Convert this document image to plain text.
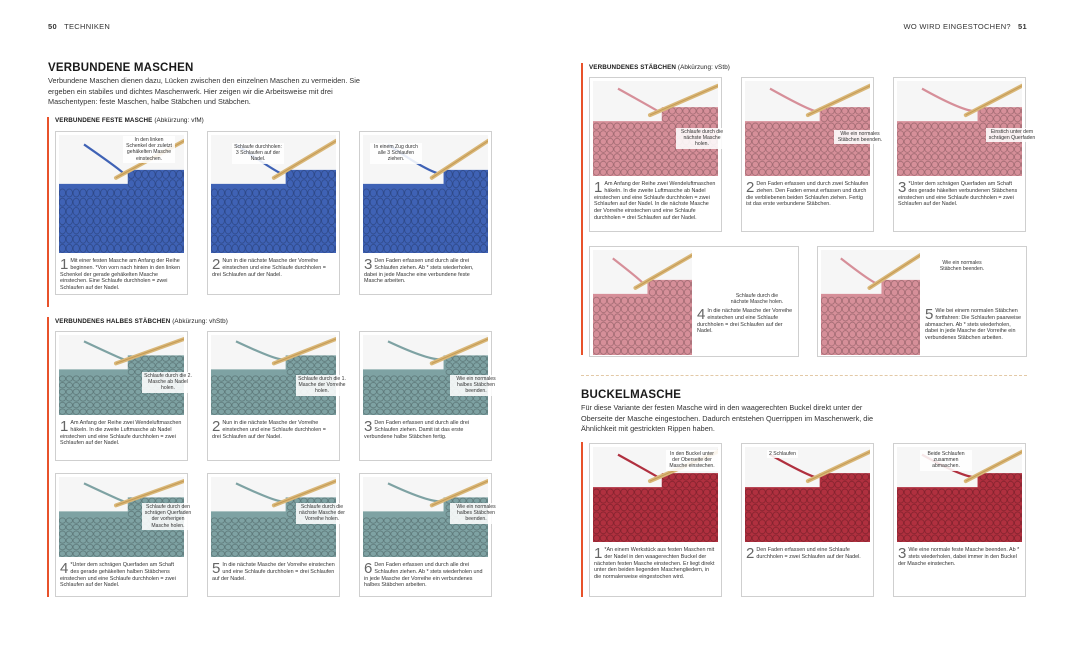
50 TECHNIKEN	WO WIRD EINGESTOCHEN? 51
VERBUNDENE MASCHEN
Verbundene Maschen dienen dazu, Lücken zwischen den einzelnen Maschen zu vermeiden. Sie ergeben ein stabiles und dichtes Maschenwerk. Hier zeigen wir die Arbeitsweise mit drei Maschentypen: feste Maschen, halbe Stäbchen und Stäbchen.
VERBUNDENE FESTE MASCHE (Abkürzung: vfM)
1 Mit einer festen Masche am Anfang der Reihe beginnen. *Von vorn nach hinten in den linken Schenkel der gerade gehäkelten Masche einstechen. Eine Schlaufe durchholen = zwei Schlaufen auf der Nadel.
In den linken Schenkel der zuletzt gehäkelten Masche einstechen.
2 Nun in die nächste Masche der Vorreihe einstechen und eine Schlaufe durchholen = drei Schlaufen auf der Nadel.
Schlaufe durchholen: 3 Schlaufen auf der Nadel.
3 Den Faden erfassen und durch alle drei Schlaufen ziehen. Ab * stets wiederholen, dabei in jede Masche eine verbundene feste Masche arbeiten.
In einem Zug durch alle 3 Schlaufen ziehen.
VERBUNDENES HALBES STÄBCHEN (Abkürzung: vhStb)
1 Am Anfang der Reihe zwei Wendeluftmaschen häkeln. In die zweite Luftmasche ab Nadel einstechen und eine Schlaufe durchholen = zwei Schlaufen auf der Nadel.
Schlaufe durch die 2. Masche ab Nadel holen.
2 Nun in die nächste Masche der Vorreihe einstechen und eine Schlaufe durchholen = drei Schlaufen auf der Nadel.
Schlaufe durch die 1. Masche der Vorreihe holen.
3 Den Faden erfassen und durch alle drei Schlaufen ziehen. Damit ist das erste verbundene halbe Stäbchen fertig.
Wie ein normales halbes Stäbchen beenden.
4 *Unter dem schrägen Querfaden am Schaft des gerade gehäkelten halben Stäbchens einstechen und eine Schlaufe durchholen = zwei Schlaufen auf der Nadel.
Schlaufe durch den schrägen Querfaden der vorherigen Masche holen.
5 In die nächste Masche der Vorreihe einstechen und eine Schlaufe durchholen = drei Schlaufen auf der Nadel.
Schlaufe durch die nächste Masche der Vorreihe holen.
6 Den Faden erfassen und durch alle drei Schlaufen ziehen. Ab * stets wiederholen und in jede Masche der Vorreihe ein verbundenes halbes Stäbchen arbeiten.
Wie ein normales halbes Stäbchen beenden.
VERBUNDENES STÄBCHEN (Abkürzung: vStb)
1 Am Anfang der Reihe zwei Wendeluftmaschen häkeln. In die zweite Luftmasche ab Nadel einstechen und eine Schlaufe durchholen = zwei Schlaufen auf der Nadel. In die nächste Masche der Vorreihe einstechen und eine Schlaufe durchholen = drei Schlaufen auf der Nadel.
Schlaufe durch die nächste Masche holen.
2 Den Faden erfassen und durch zwei Schlaufen ziehen. Den Faden erneut erfassen und durch die verbliebenen beiden Schlaufen ziehen. Fertig ist das erste verbundene Stäbchen.
Wie ein normales Stäbchen beenden.
3 *Unter dem schrägen Querfaden am Schaft des gerade häkelten verbundenen Stäbchens einstechen und eine Schlaufe durchholen = zwei Schlaufen auf der Nadel.
Einstich unter dem schrägen Querfaden
4 In die nächste Masche der Vorreihe einstechen und eine Schlaufe durchholen = drei Schlaufen auf der Nadel.
Schlaufe durch die nächste Masche holen.
5 Wie bei einem normalen Stäbchen fortfahren: Die Schlaufen paarweise abmaschen. Ab * stets wiederholen, dabei in jede Masche der Vorreihe ein verbundenes Stäbchen arbeiten.
Wie ein normales Stäbchen beenden.
BUCKELMASCHE
Für diese Variante der festen Masche wird in den waagerechten Buckel direkt unter der Oberseite der Masche eingestochen. Dadurch entstehen Querrippen im Maschenwerk, die Ähnlichkeit mit gestrickten Rippen haben.
1 *An einem Werkstück aus festen Maschen mit der Nadel in den waagerechten Buckel der nächsten festen Masche einstechen. Er liegt direkt unter den beiden liegenden Maschengliedern, in die normalerweise eingestochen wird.
In den Buckel unter der Oberseite der Masche einstechen.
2 Den Faden erfassen und eine Schlaufe durchholen = zwei Schlaufen auf der Nadel.
2 Schlaufen
3 Wie eine normale feste Masche beenden. Ab * stets wiederholen, dabei immer in den Buckel der Masche einstechen.
Beide Schlaufen zusammen abmaschen.
